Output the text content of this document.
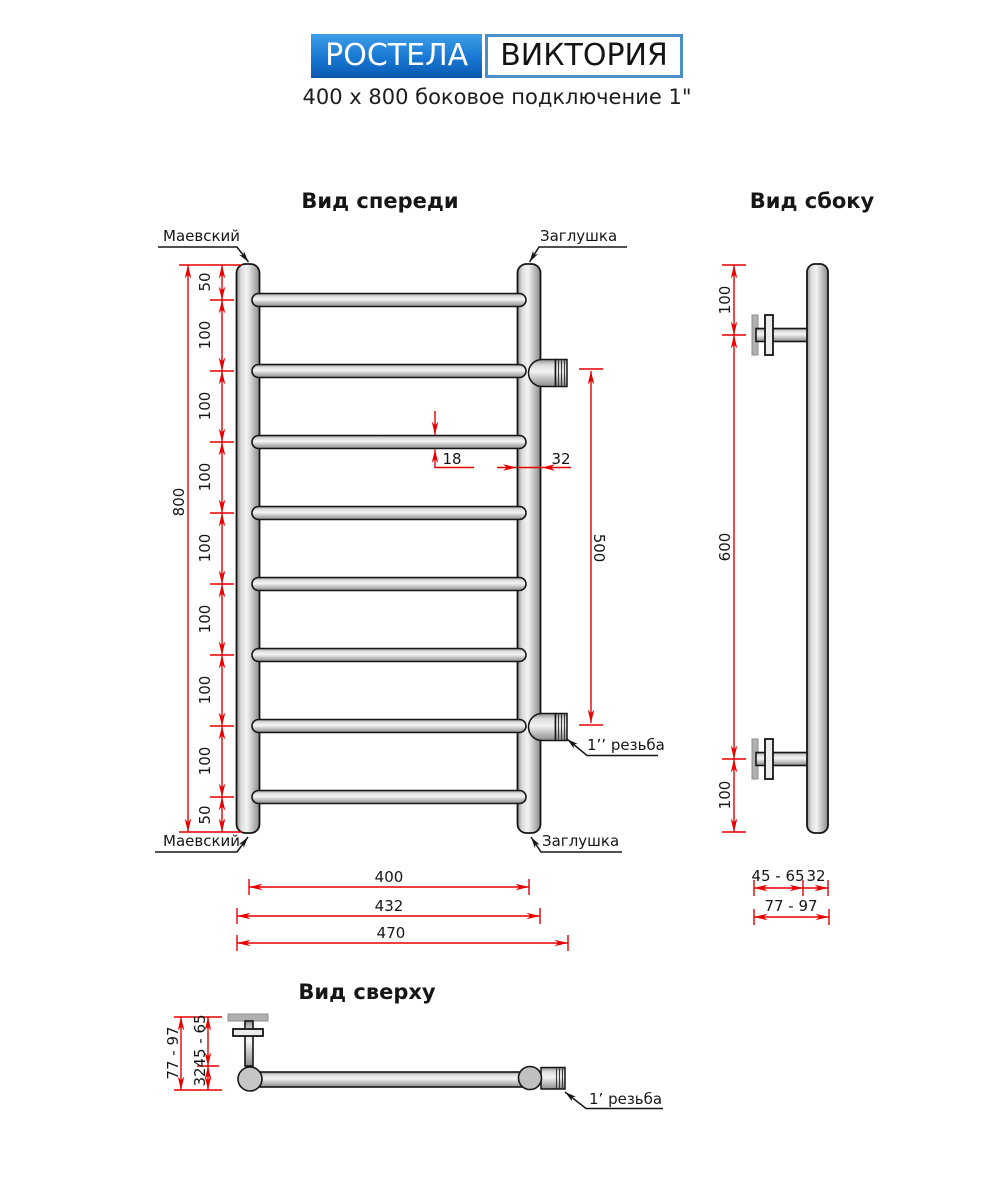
РОСТЕЛА	ВИКТОРИЯ
400 x 800 боковое подключение 1"
Вид спереди
Маевский	Заглушка
Маевский	Заглушка
1’’ резьба
800
50
100
100
100
100
100
100
100
50
18	32
500
400
432
470
Вид сбоку
100
600
100
45 - 65 32
77 - 97
Вид сверху
77 - 97 45 - 65
32
1’ резьба
